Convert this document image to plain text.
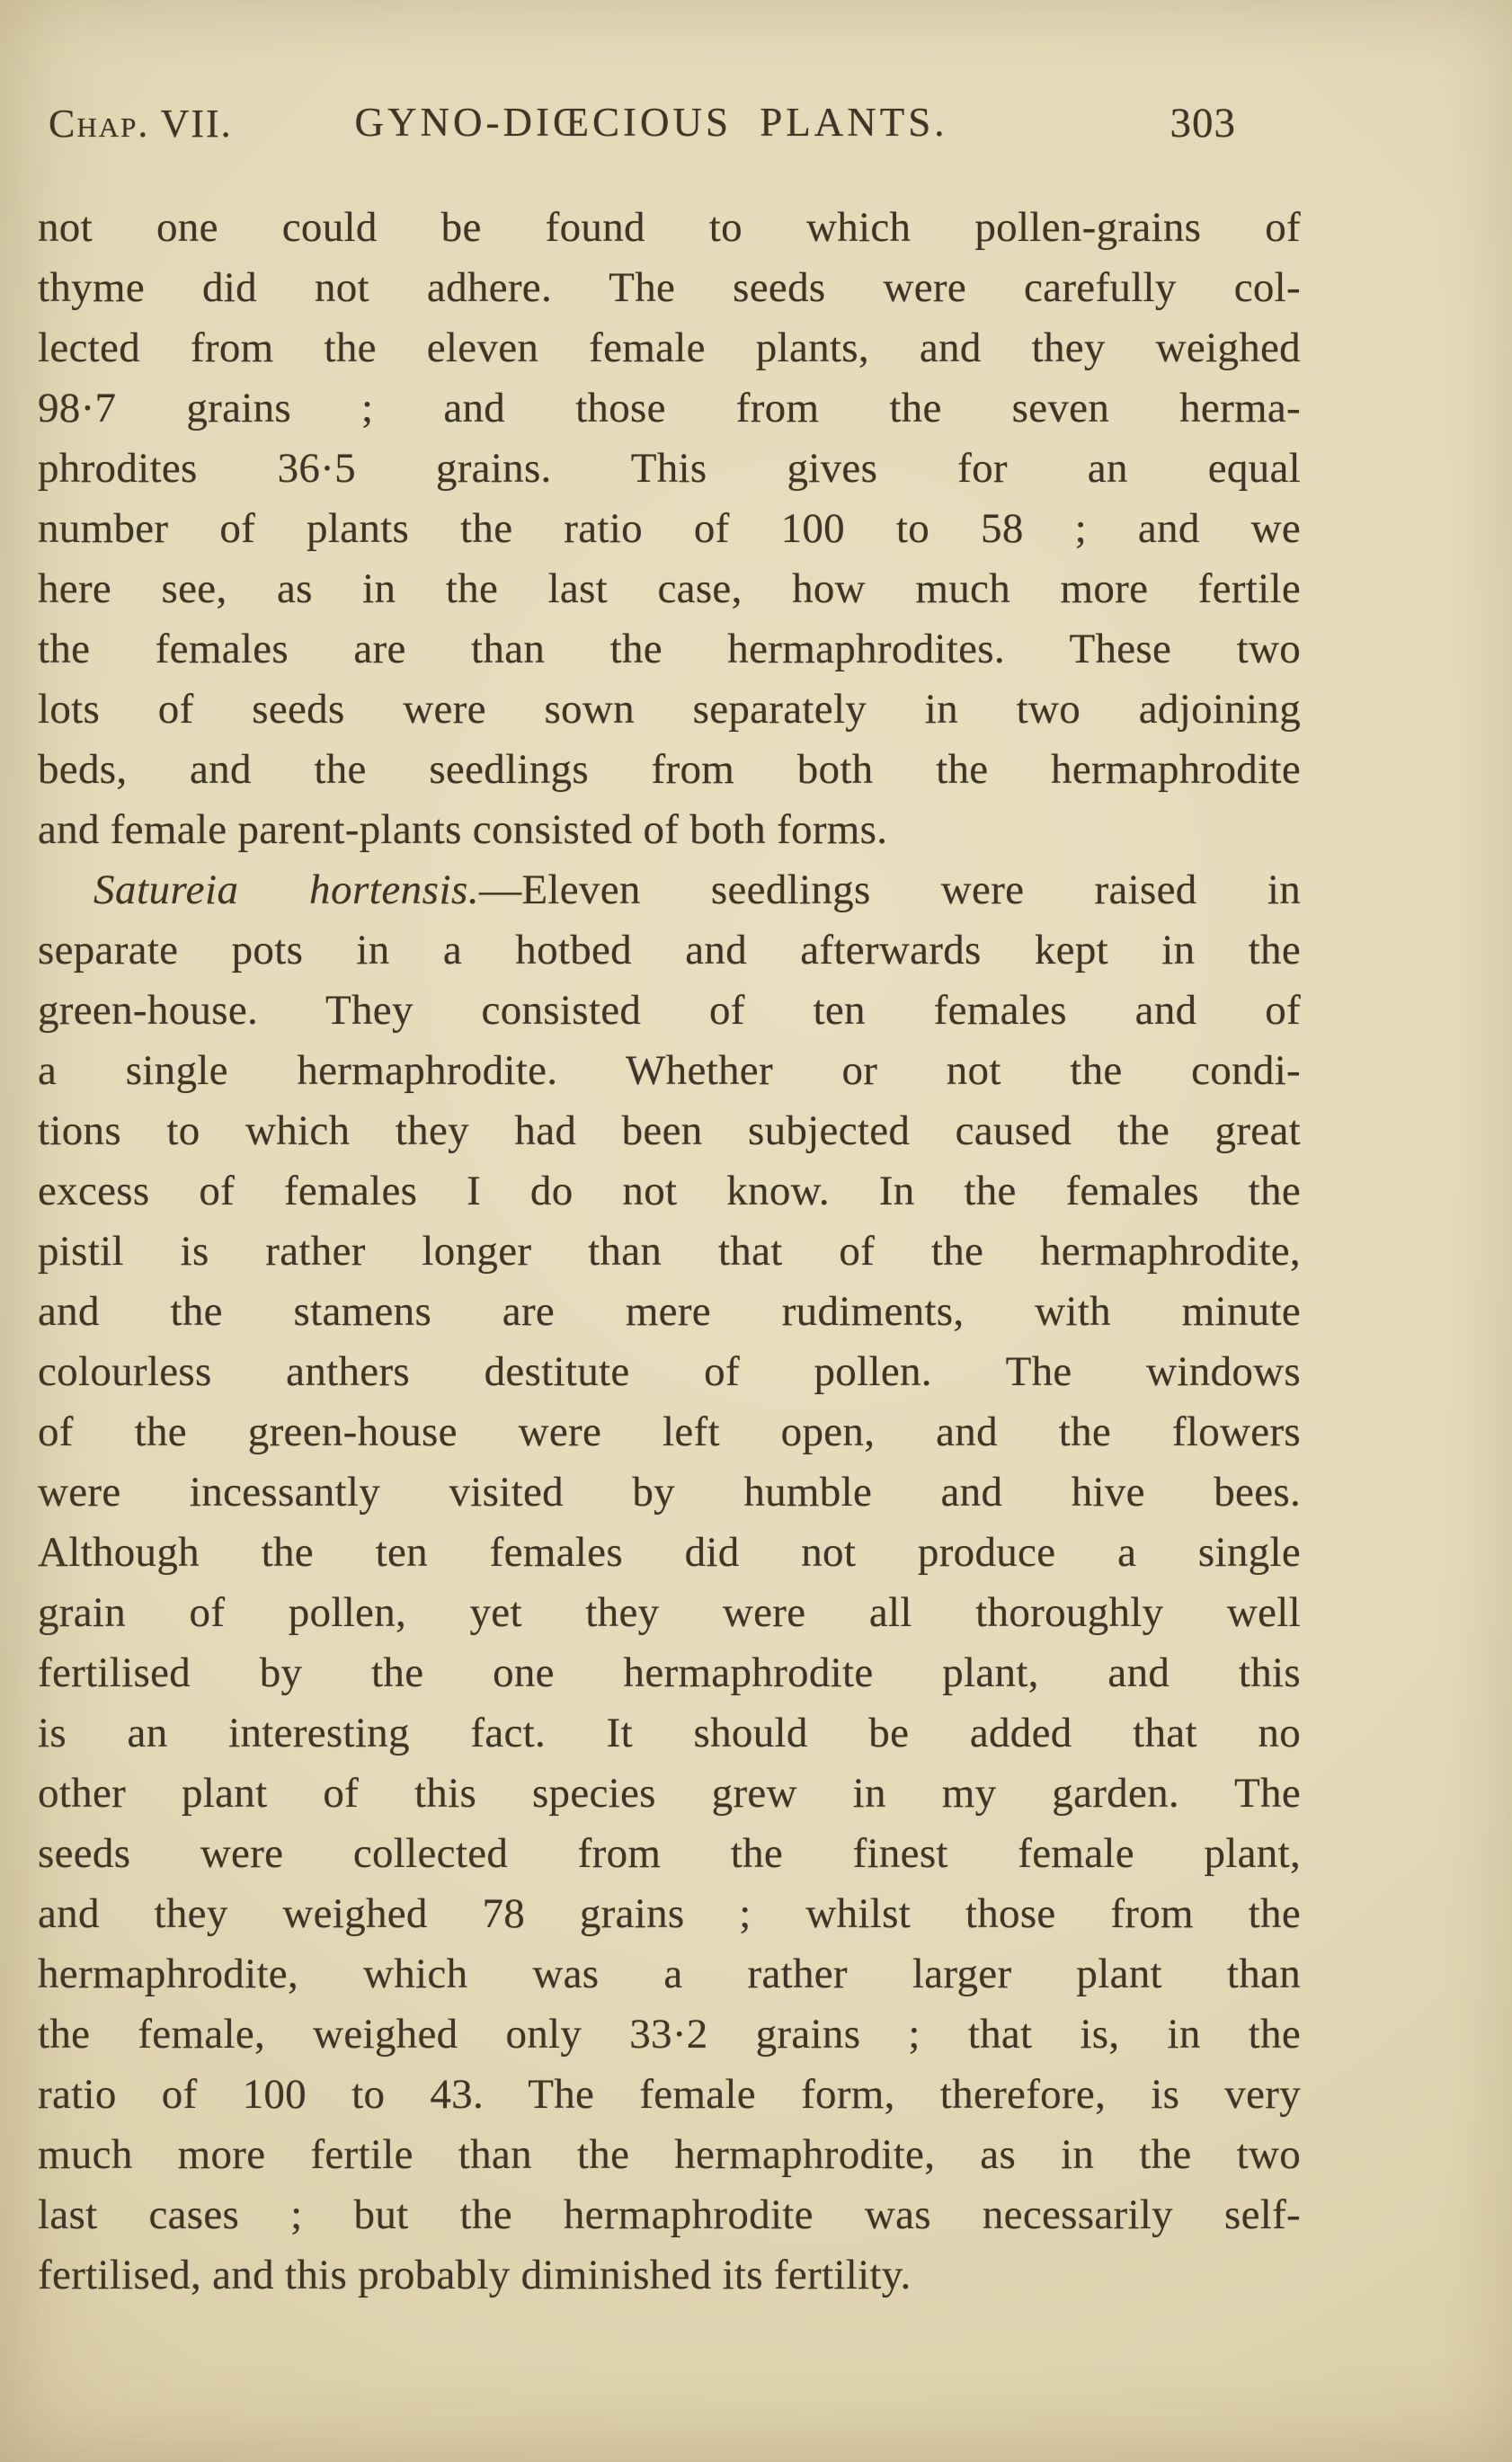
Chap. VII.	GYNO-DIŒCIOUS PLANTS.	303
not one could be found to which pollen-grains of
thyme did not adhere. The seeds were carefully col-
lected from the eleven female plants, and they weighed
98·7 grains ; and those from the seven herma-
phrodites 36·5 grains. This gives for an equal
number of plants the ratio of 100 to 58 ; and we
here see, as in the last case, how much more fertile
the females are than the hermaphrodites. These two
lots of seeds were sown separately in two adjoining
beds, and the seedlings from both the hermaphrodite
and female parent-plants consisted of both forms.
Satureia hortensis.—Eleven seedlings were raised in
separate pots in a hotbed and afterwards kept in the
green-house. They consisted of ten females and of
a single hermaphrodite. Whether or not the condi-
tions to which they had been subjected caused the great
excess of females I do not know. In the females the
pistil is rather longer than that of the hermaphrodite,
and the stamens are mere rudiments, with minute
colourless anthers destitute of pollen. The windows
of the green-house were left open, and the flowers
were incessantly visited by humble and hive bees.
Although the ten females did not produce a single
grain of pollen, yet they were all thoroughly well
fertilised by the one hermaphrodite plant, and this
is an interesting fact. It should be added that no
other plant of this species grew in my garden. The
seeds were collected from the finest female plant,
and they weighed 78 grains ; whilst those from the
hermaphrodite, which was a rather larger plant than
the female, weighed only 33·2 grains ; that is, in the
ratio of 100 to 43. The female form, therefore, is very
much more fertile than the hermaphrodite, as in the two
last cases ; but the hermaphrodite was necessarily self-
fertilised, and this probably diminished its fertility.
